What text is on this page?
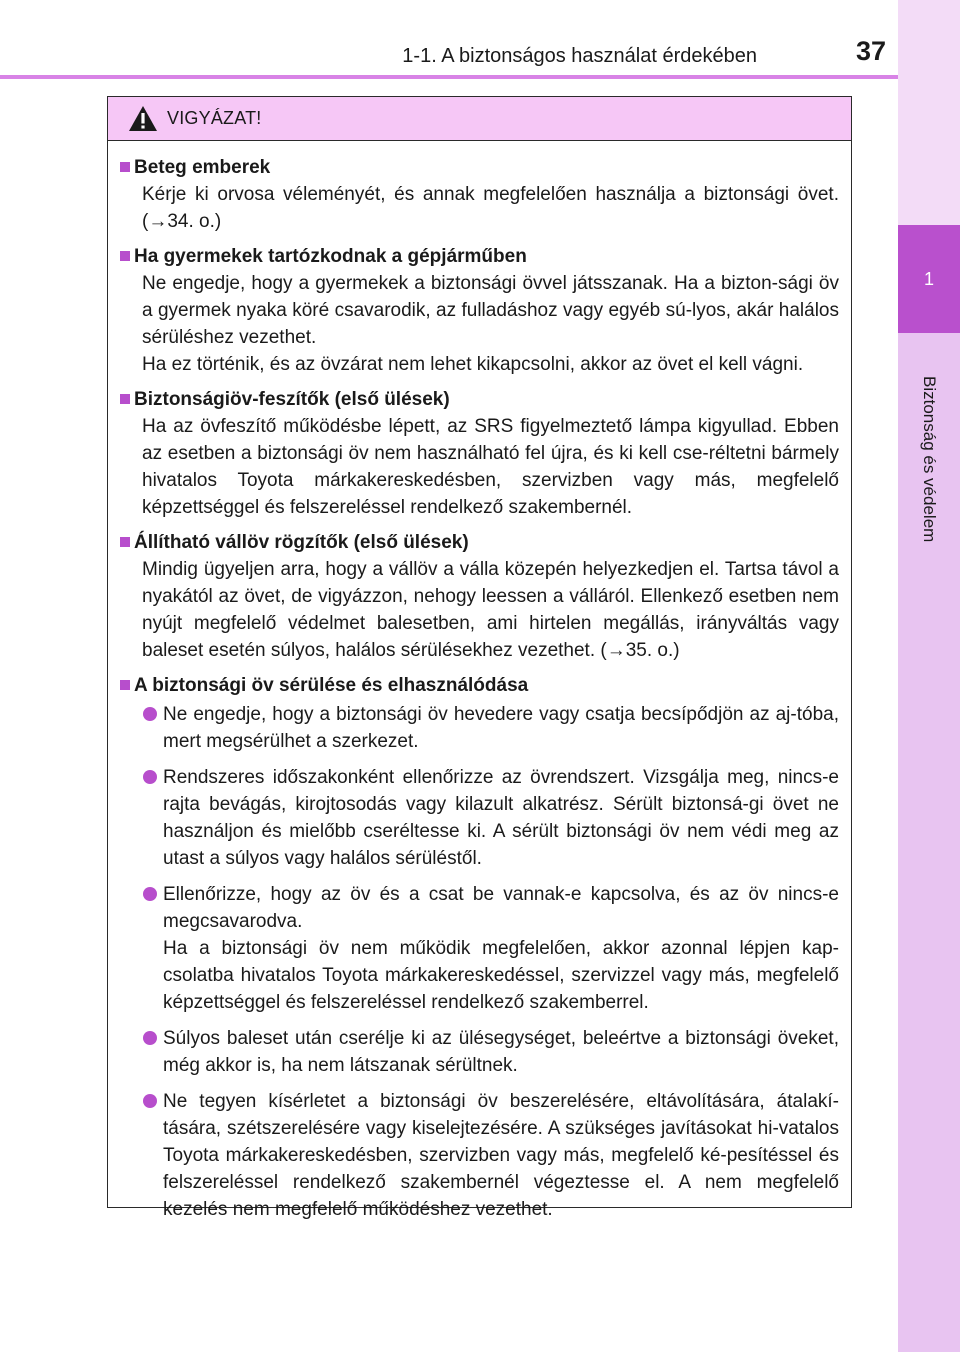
1-1. A biztonságos használat érdekében	37
1
Biztonság és védelem
VIGYÁZAT!
Beteg emberek
Kérje ki orvosa véleményét, és annak megfelelően használja a biztonsági övet. (→34. o.)
Ha gyermekek tartózkodnak a gépjárműben
Ne engedje, hogy a gyermekek a biztonsági övvel játsszanak. Ha a bizton-sági öv a gyermek nyaka köré csavarodik, az fulladáshoz vagy egyéb sú-lyos, akár halálos sérüléshez vezethet.
Ha ez történik, és az övzárat nem lehet kikapcsolni, akkor az övet el kell vágni.
Biztonságiöv-feszítők (első ülések)
Ha az övfeszítő működésbe lépett, az SRS figyelmeztető lámpa kigyullad. Ebben az esetben a biztonsági öv nem használható fel újra, és ki kell cse-réltetni bármely hivatalos Toyota márkakereskedésben, szervizben vagy más, megfelelő képzettséggel és felszereléssel rendelkező szakembernél.
Állítható vállöv rögzítők (első ülések)
Mindig ügyeljen arra, hogy a vállöv a válla közepén helyezkedjen el. Tartsa távol a nyakától az övet, de vigyázzon, nehogy leessen a válláról. Ellenkező esetben nem nyújt megfelelő védelmet balesetben, ami hirtelen megállás, irányváltás vagy baleset esetén súlyos, halálos sérülésekhez vezethet. (→35. o.)
A biztonsági öv sérülése és elhasználódása
Ne engedje, hogy a biztonsági öv hevedere vagy csatja becsípődjön az aj-tóba, mert megsérülhet a szerkezet.
Rendszeres időszakonként ellenőrizze az övrendszert. Vizsgálja meg, nincs-e rajta bevágás, kirojtosodás vagy kilazult alkatrész. Sérült biztonsá-gi övet ne használjon és mielőbb cseréltesse ki. A sérült biztonsági öv nem védi meg az utast a súlyos vagy halálos sérüléstől.
Ellenőrizze, hogy az öv és a csat be vannak-e kapcsolva, és az öv nincs-e megcsavarodva.
Ha a biztonsági öv nem működik megfelelően, akkor azonnal lépjen kap-csolatba hivatalos Toyota márkakereskedéssel, szervizzel vagy más, megfelelő képzettséggel és felszereléssel rendelkező szakemberrel.
Súlyos baleset után cserélje ki az ülésegységet, beleértve a biztonsági öveket, még akkor is, ha nem látszanak sérültnek.
Ne tegyen kísérletet a biztonsági öv beszerelésére, eltávolítására, átalakí-tására, szétszerelésére vagy kiselejtezésére. A szükséges javításokat hi-vatalos Toyota márkakereskedésben, szervizben vagy más, megfelelő ké-pesítéssel és felszereléssel rendelkező szakembernél végeztesse el. A nem megfelelő kezelés nem megfelelő működéshez vezethet.
